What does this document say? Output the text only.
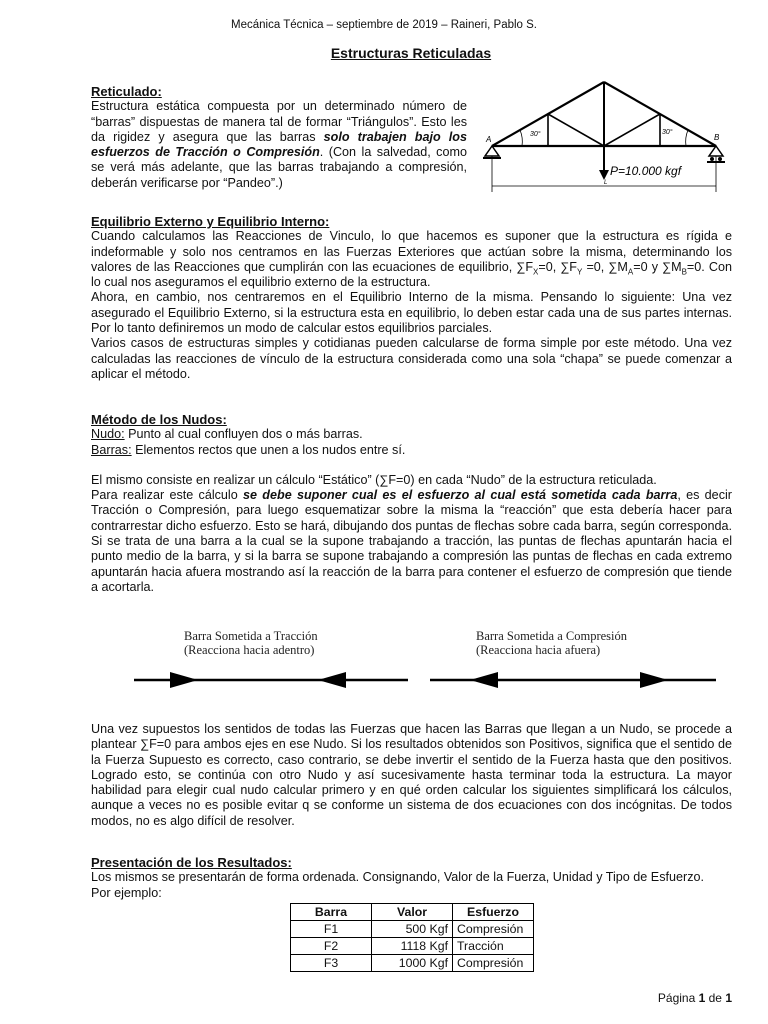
Mecánica Técnica – septiembre de 2019 – Raineri, Pablo S.
Estructuras Reticuladas
Reticulado:

Estructura estática compuesta por un determinado número de “barras” dispuestas de manera tal de formar “Triángulos”. Esto les da rigidez y asegura que las barras solo trabajen bajo los esfuerzos de Tracción o Compresión. (Con la salvedad, como se verá más adelante, que las barras trabajando a compresión, deberán verificarse por “Pandeo”.)

A	B
30°	30°
P=10.000 kgf
L
Equilibrio Externo y Equilibrio Interno:

Cuando calculamos las Reacciones de Vinculo, lo que hacemos es suponer que la estructura es rígida e indeformable y solo nos centramos en las Fuerzas Exteriores que actúan sobre la misma, determinando los valores de las Reacciones que cumplirán con las ecuaciones de equilibrio, $\sum F_X=0$, $\sum F_Y =0$, $\sum M_A=0$ y $\sum M_B=0$. Con lo cual nos aseguramos el equilibrio externo de la estructura.

Ahora, en cambio, nos centraremos en el Equilibrio Interno de la misma. Pensando lo siguiente: Una vez asegurado el Equilibrio Externo, si la estructura esta en equilibrio, lo deben estar cada una de sus partes internas. Por lo tanto definiremos un modo de calcular estos equilibrios parciales.

Varios casos de estructuras simples y cotidianas pueden calcularse de forma simple por este método. Una vez calculadas las reacciones de vínculo de la estructura considerada como una sola “chapa” se puede comenzar a aplicar el método.

Método de los Nudos:

Nudo: Punto al cual confluyen dos o más barras.

Barras: Elementos rectos que unen a los nudos entre sí.

El mismo consiste en realizar un cálculo “Estático” (∑F=0) en cada “Nudo” de la estructura reticulada.

Para realizar este cálculo se debe suponer cual es el esfuerzo al cual está sometida cada barra, es decir Tracción o Compresión, para luego esquematizar sobre la misma la “reacción” que esta debería hacer para contrarrestar dicho esfuerzo. Esto se hará, dibujando dos puntas de flechas sobre cada barra, según corresponda. Si se trata de una barra a la cual se la supone trabajando a tracción, las puntas de flechas apuntarán hacia el punto medio de la barra, y si la barra se supone trabajando a compresión las puntas de flechas en cada extremo apuntarán hacia afuera mostrando así la reacción de la barra para contener el esfuerzo de compresión que tiende a acortarla.

Barra Sometida a Tracción
(Reacciona hacia adentro)
Barra Sometida a Compresión
(Reacciona hacia afuera)

Una vez supuestos los sentidos de todas las Fuerzas que hacen las Barras que llegan a un Nudo, se procede a plantear ∑F=0 para ambos ejes en ese Nudo. Si los resultados obtenidos son Positivos, significa que el sentido de la Fuerza Supuesto es correcto, caso contrario, se debe invertir el sentido de la Fuerza hasta que den positivos. Logrado esto, se continúa con otro Nudo y así sucesivamente hasta terminar toda la estructura. La mayor habilidad para elegir cual nudo calcular primero y en qué orden calcular los siguientes simplificará los cálculos, aunque a veces no es posible evitar q se conforme un sistema de dos ecuaciones con dos incógnitas. De todos modos, no es algo difícil de resolver.

Presentación de los Resultados:

Los mismos se presentarán de forma ordenada. Consignando, Valor de la Fuerza, Unidad y Tipo de Esfuerzo.

Por ejemplo:

Barra	Valor	Esfuerzo
F1	500 Kgf	Compresión
F2	1118 Kgf	Tracción
F3	1000 Kgf	Compresión
Página 1 de 1
